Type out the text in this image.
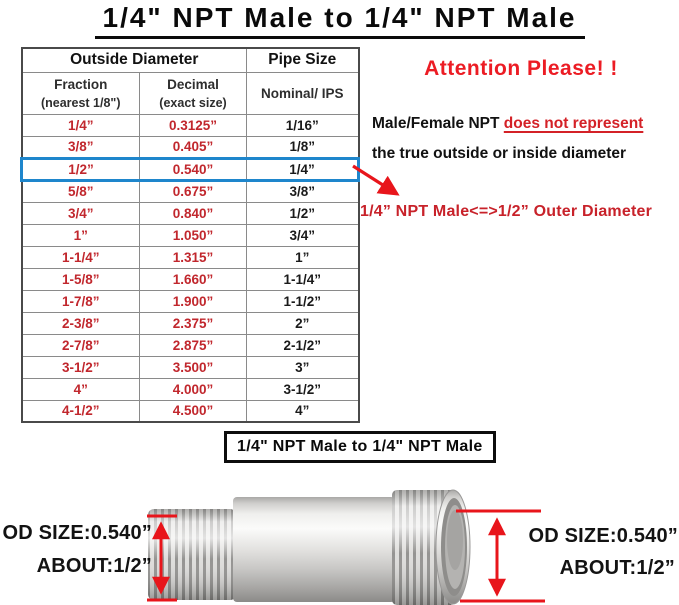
1/4" NPT Male to 1/4" NPT Male
Outside Diameter		Pipe Size

Fraction
(nearest 1/8")

Decimal
(exact size)

Nominal/ IPS

1/4”	0.3125”	1/16”
3/8”	0.405”	1/8”
1/2”	0.540”	1/4”
5/8”	0.675”	3/8”
3/4”	0.840”	1/2”
1”	1.050”	3/4”
1-1/4”	1.315”	1”
1-5/8”	1.660”	1-1/4”
1-7/8”	1.900”	1-1/2”
2-3/8”	2.375”	2”
2-7/8”	2.875”	2-1/2”
3-1/2”	3.500”	3”
4”	4.000”	3-1/2”
4-1/2”	4.500”	4”
Attention Please! !
Male/Female NPT does not represent
the true outside or inside diameter
1/4” NPT Male<=>1/2” Outer Diameter
1/4" NPT Male to 1/4" NPT Male
OD SIZE:0.540”
ABOUT:1/2”
OD SIZE:0.540”
ABOUT:1/2”
